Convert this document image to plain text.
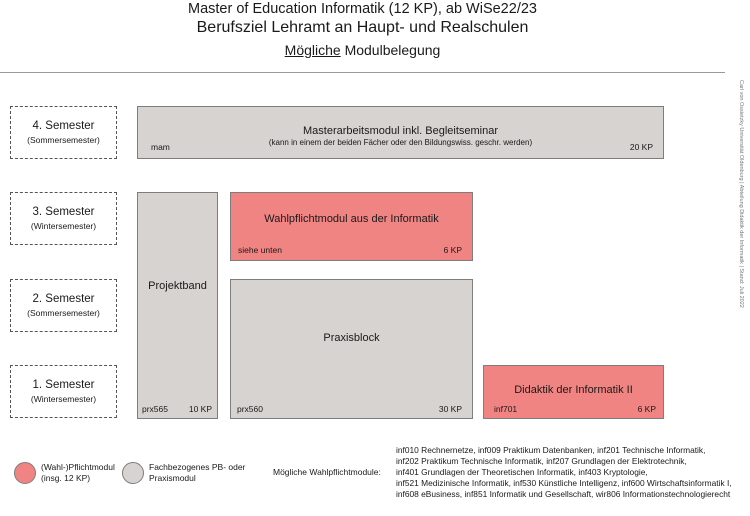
Master of Education Informatik (12 KP), ab WiSe22/23
Berufsziel Lehramt an Haupt- und Realschulen
Mögliche Modulbelegung
Carl von Ossietzky Universität Oldenburg | Abteilung Didaktik der Informatik | Stand: Juli 2022
4. Semester
(Sommersemester)
3. Semester
(Wintersemester)
2. Semester
(Sommersemester)
1. Semester
(Wintersemester)
Masterarbeitsmodul inkl. Begleitseminar
(kann in einem der beiden Fächer oder den Bildungswiss. geschr. werden)
mam	20 KP
Wahlpflichtmodul aus der Informatik
siehe unten	6 KP
Projektband
prx565 10 KP
Praxisblock
prx560	30 KP
Didaktik der Informatik II
inf701	6 KP
(Wahl-)Pflichtmodul
(insg. 12 KP)
Fachbezogenes PB- oder
Praxismodul
Mögliche Wahlpflichtmodule:
inf010 Rechnernetze, inf009 Praktikum Datenbanken, inf201 Technische Informatik,
inf202 Praktikum Technische Informatik, inf207 Grundlagen der Elektrotechnik,
inf401 Grundlagen der Theoretischen Informatik, inf403 Kryptologie,
inf521 Medizinische Informatik, inf530 Künstliche Intelligenz, inf600 Wirtschaftsinformatik I,
inf608 eBusiness, inf851 Informatik und Gesellschaft, wir806 Informationstechnologierecht
